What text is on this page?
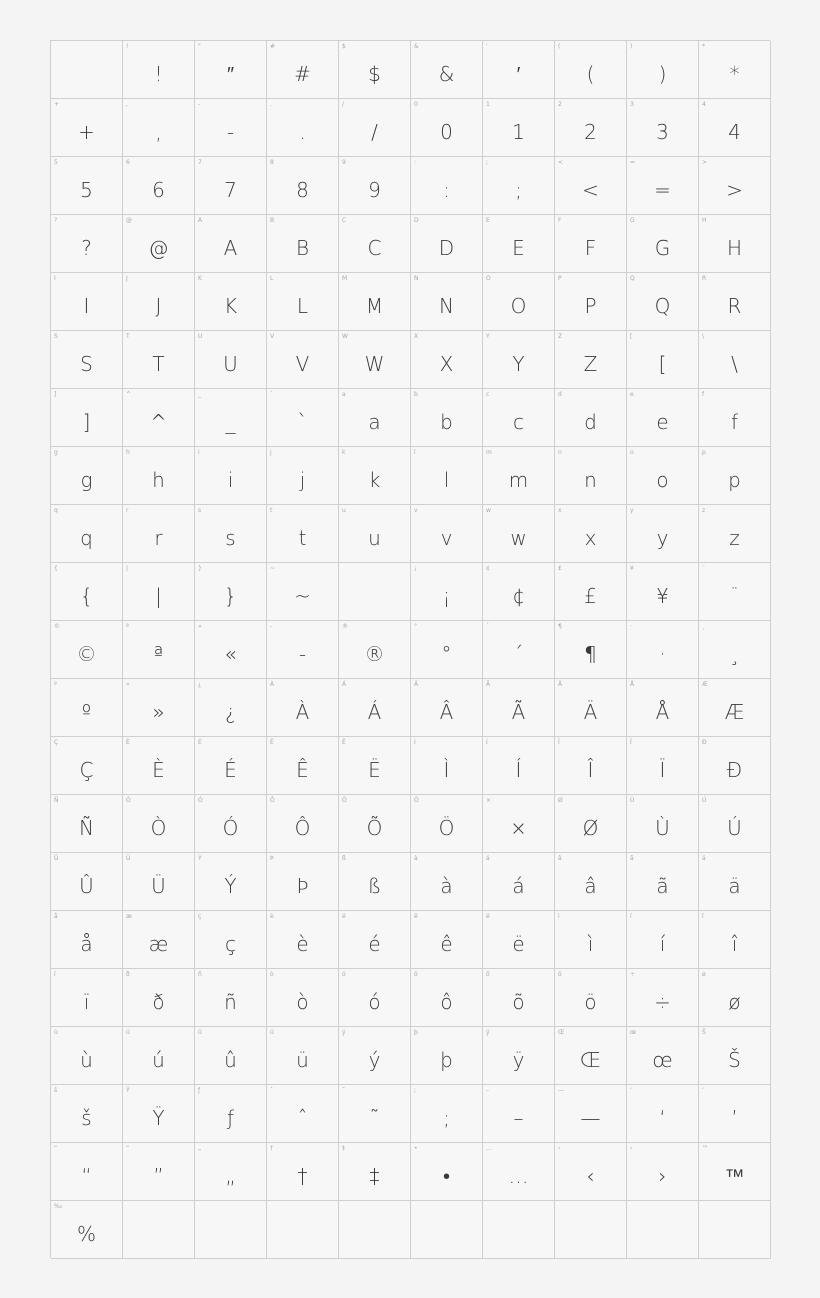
!
!
"
″
#
#
$
$
&
&
'
′
(
(
)
)
*
*
+
+
,
,
-
-
.
.
/
/
0
0
1
1
2
2
3
3
4
4
5
5
6
6
7
7
8
8
9
9
:
:
;
;
<
<
=
=
>
>
?
?
@
@
A
A
B
B
C
C
D
D
E
E
F
F
G
G
H
H
I
I
J
J
K
K
L
L
M
M
N
N
O
O
P
P
Q
Q
R
R
S
S
T
T
U
U
V
V
W
W
X
X
Y
Y
Z
Z
[
[
\
\
]
]
^
^
_
_
`
`
a
a
b
b
c
c
d
d
e
e
f
f
g
g
h
h
i
i
j
j
k
k
l
l
m
m
n
n
o
o
p
p
q
q
r
r
s
s
t
t
u
u
v
v
w
w
x
x
y
y
z
z
{
{
|
|
}
}
~
~
¡
¡
¢
¢
£
£
¥
¥
¨
¨
©
©
ª
ª
«
«
-
-
®
®
°
°
´
´
¶
¶
·
·
¸
¸
º
º
»
»
¿
¿
À
À
Á
Á
Â
Â
Ã
Ã
Ä
Ä
Å
Å
Æ
Æ
Ç
Ç
È
È
É
É
Ê
Ê
Ë
Ë
Ì
Ì
Í
Í
Î
Î
Ï
Ï
Ð
Ð
Ñ
Ñ
Ò
Ò
Ó
Ó
Ô
Ô
Õ
Õ
Ö
Ö
×
×
Ø
Ø
Ù
Ù
Ú
Ú
Û
Û
Ü
Ü
Ý
Ý
Þ
Þ
ß
ß
à
à
á
á
â
â
ã
ã
ä
ä
å
å
æ
æ
ç
ç
è
è
é
é
ê
ê
ë
ë
ì
ì
í
í
î
î
ï
ï
ð
ð
ñ
ñ
ò
ò
ó
ó
ô
ô
õ
õ
ö
ö
÷
÷
ø
ø
ù
ù
ú
ú
û
û
ü
ü
ý
ý
þ
þ
ÿ
ÿ
Œ
Œ
œ
œ
Š
Š
š
š
Ÿ
Ÿ
ƒ
ƒ
ˆ
ˆ
˜
˜
;
;
–
–
—
—
‘
‘
’
’
“
“
”
”
„
„
†
†
‡
‡
•
•
…
…
‹
‹
›
›
™
™
‰
%
